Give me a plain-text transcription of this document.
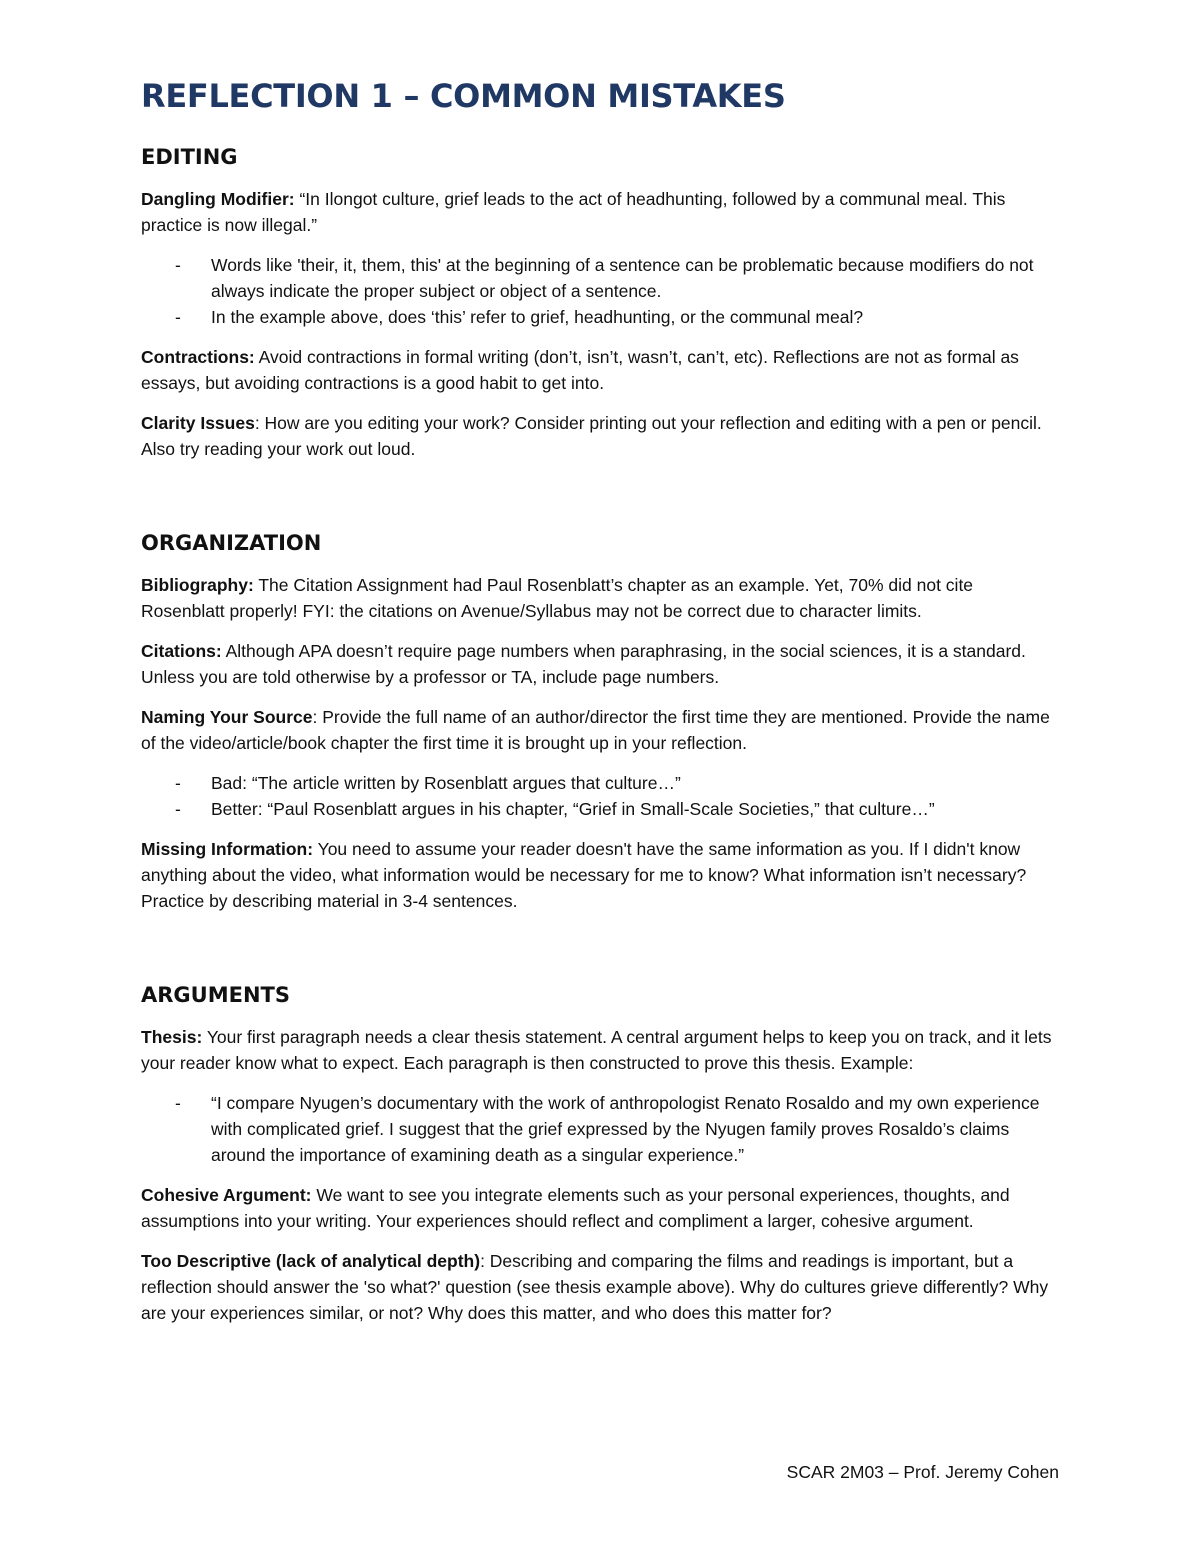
REFLECTION 1 – COMMON MISTAKES
EDITING

Dangling Modifier: “In Ilongot culture, grief leads to the act of headhunting, followed by a communal meal. This practice is now illegal.”

- Words like 'their, it, them, this' at the beginning of a sentence can be problematic because modifiers do not always indicate the proper subject or object of a sentence.
- In the example above, does ‘this’ refer to grief, headhunting, or the communal meal?

Contractions: Avoid contractions in formal writing (don’t, isn’t, wasn’t, can’t, etc). Reflections are not as formal as essays, but avoiding contractions is a good habit to get into.

Clarity Issues: How are you editing your work? Consider printing out your reflection and editing with a pen or pencil. Also try reading your work out loud.

ORGANIZATION

Bibliography: The Citation Assignment had Paul Rosenblatt’s chapter as an example. Yet, 70% did not cite Rosenblatt properly! FYI: the citations on Avenue/Syllabus may not be correct due to character limits.

Citations: Although APA doesn’t require page numbers when paraphrasing, in the social sciences, it is a standard. Unless you are told otherwise by a professor or TA, include page numbers.

Naming Your Source: Provide the full name of an author/director the first time they are mentioned. Provide the name of the video/article/book chapter the first time it is brought up in your reflection.

- Bad: “The article written by Rosenblatt argues that culture…”
- Better: “Paul Rosenblatt argues in his chapter, “Grief in Small-Scale Societies,” that culture…”

Missing Information: You need to assume your reader doesn't have the same information as you. If I didn't know anything about the video, what information would be necessary for me to know? What information isn’t necessary? Practice by describing material in 3-4 sentences.

ARGUMENTS

Thesis: Your first paragraph needs a clear thesis statement. A central argument helps to keep you on track, and it lets your reader know what to expect. Each paragraph is then constructed to prove this thesis. Example:

- “I compare Nyugen’s documentary with the work of anthropologist Renato Rosaldo and my own experience with complicated grief. I suggest that the grief expressed by the Nyugen family proves Rosaldo’s claims around the importance of examining death as a singular experience.”

Cohesive Argument: We want to see you integrate elements such as your personal experiences, thoughts, and assumptions into your writing. Your experiences should reflect and compliment a larger, cohesive argument.

Too Descriptive (lack of analytical depth): Describing and comparing the films and readings is important, but a reflection should answer the 'so what?' question (see thesis example above). Why do cultures grieve differently? Why are your experiences similar, or not? Why does this matter, and who does this matter for?

SCAR 2M03 – Prof. Jeremy Cohen
